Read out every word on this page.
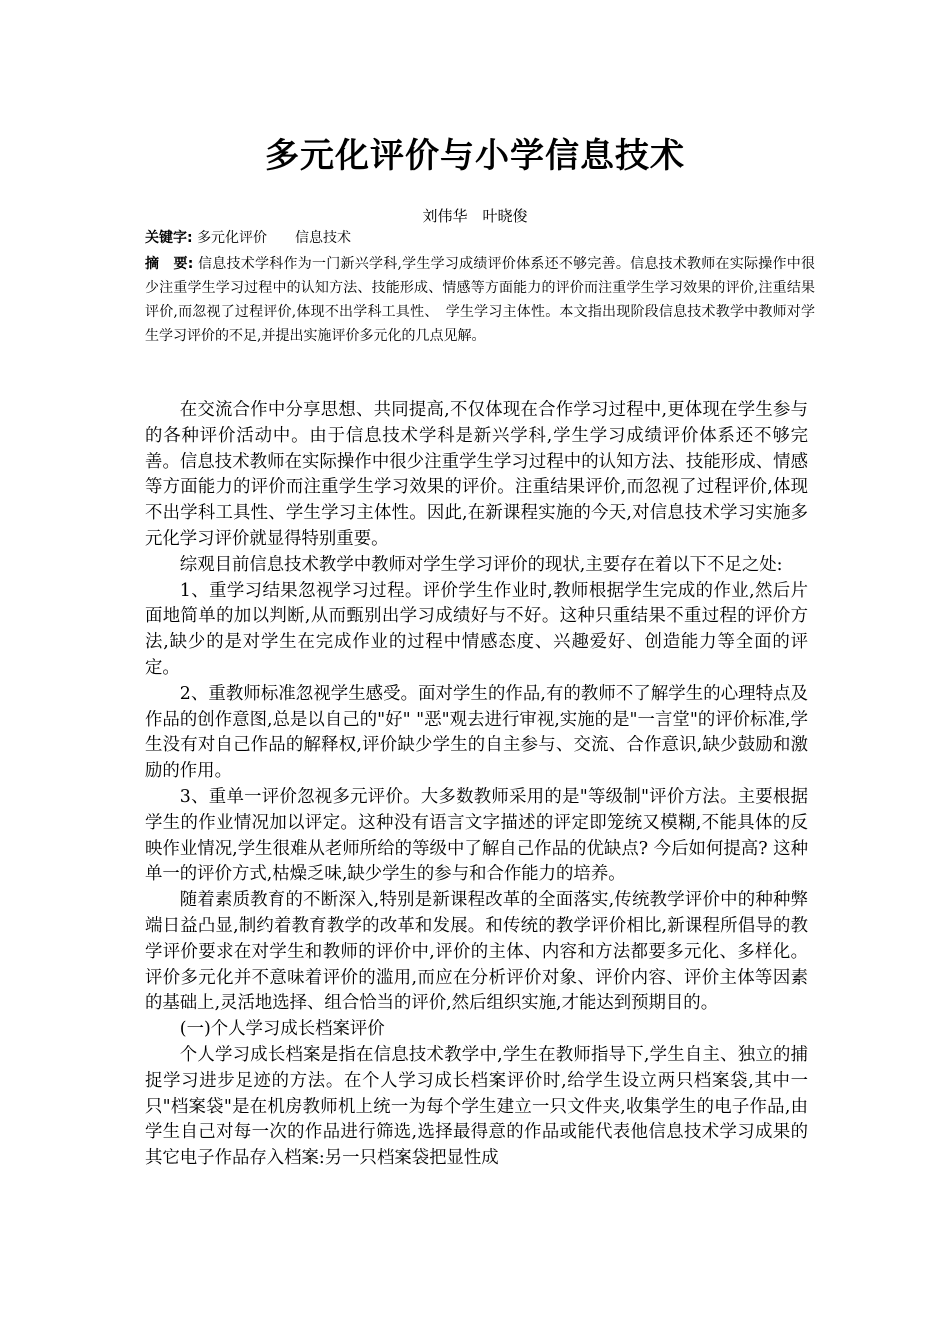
多元化评价与小学信息技术
刘伟华　叶晓俊
关键字: 多元化评价　　信息技术
摘　要: 信息技术学科作为一门新兴学科,学生学习成绩评价体系还不够完善。信息技术教师在实际操作中很少注重学生学习过程中的认知方法、技能形成、情感等方面能力的评价而注重学生学习效果的评价,注重结果评价,而忽视了过程评价,体现不出学科工具性、　学生学习主体性。本文指出现阶段信息技术教学中教师对学生学习评价的不足,并提出实施评价多元化的几点见解。

在交流合作中分享思想、共同提高,不仅体现在合作学习过程中,更体现在学生参与的各种评价活动中。由于信息技术学科是新兴学科,学生学习成绩评价体系还不够完善。信息技术教师在实际操作中很少注重学生学习过程中的认知方法、技能形成、情感等方面能力的评价而注重学生学习效果的评价。注重结果评价,而忽视了过程评价,体现不出学科工具性、学生学习主体性。因此,在新课程实施的今天,对信息技术学习实施多元化学习评价就显得特别重要。

综观目前信息技术教学中教师对学生学习评价的现状,主要存在着以下不足之处:

1、重学习结果忽视学习过程。评价学生作业时,教师根据学生完成的作业,然后片面地简单的加以判断,从而甄别出学习成绩好与不好。这种只重结果不重过程的评价方法,缺少的是对学生在完成作业的过程中情感态度、兴趣爱好、创造能力等全面的评定。

2、重教师标准忽视学生感受。面对学生的作品,有的教师不了解学生的心理特点及作品的创作意图,总是以自己的"好" "恶"观去进行审视,实施的是"一言堂"的评价标准,学生没有对自己作品的解释权,评价缺少学生的自主参与、交流、合作意识,缺少鼓励和激励的作用。

3、重单一评价忽视多元评价。大多数教师采用的是"等级制"评价方法。主要根据学生的作业情况加以评定。这种没有语言文字描述的评定即笼统又模糊,不能具体的反映作业情况,学生很难从老师所给的等级中了解自己作品的优缺点? 今后如何提高? 这种单一的评价方式,枯燥乏味,缺少学生的参与和合作能力的培养。

随着素质教育的不断深入,特别是新课程改革的全面落实,传统教学评价中的种种弊端日益凸显,制约着教育教学的改革和发展。和传统的教学评价相比,新课程所倡导的教学评价要求在对学生和教师的评价中,评价的主体、内容和方法都要多元化、多样化。评价多元化并不意味着评价的滥用,而应在分析评价对象、评价内容、评价主体等因素的基础上,灵活地选择、组合恰当的评价,然后组织实施,才能达到预期目的。

(一)个人学习成长档案评价

个人学习成长档案是指在信息技术教学中,学生在教师指导下,学生自主、独立的捕捉学习进步足迹的方法。在个人学习成长档案评价时,给学生设立两只档案袋,其中一只"档案袋"是在机房教师机上统一为每个学生建立一只文件夹,收集学生的电子作品,由学生自己对每一次的作品进行筛选,选择最得意的作品或能代表他信息技术学习成果的其它电子作品存入档案:另一只档案袋把显性成
